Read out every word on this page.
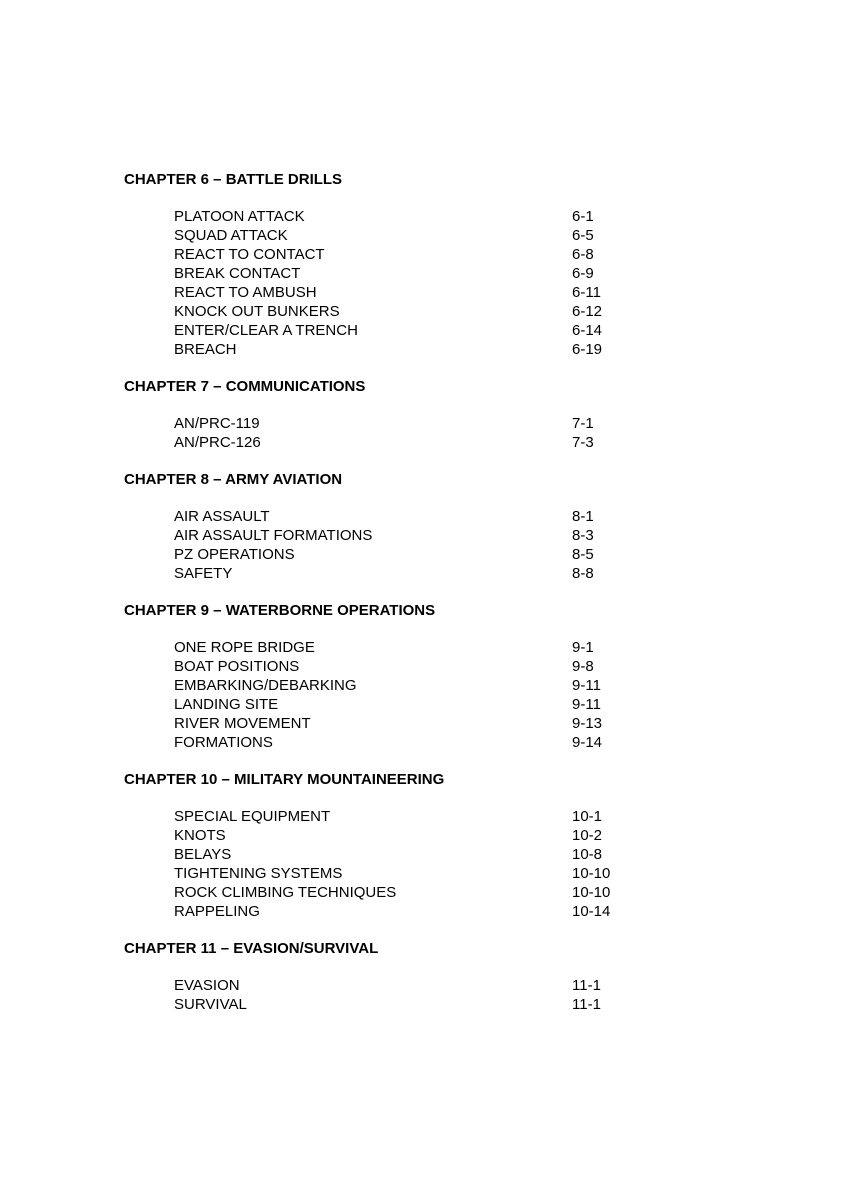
CHAPTER 6 – BATTLE DRILLS
PLATOON ATTACK	6-1
SQUAD ATTACK	6-5
REACT TO CONTACT	6-8
BREAK CONTACT	6-9
REACT TO AMBUSH	6-11
KNOCK OUT BUNKERS	6-12
ENTER/CLEAR A TRENCH	6-14
BREACH	6-19
CHAPTER 7 – COMMUNICATIONS
AN/PRC-119	7-1
AN/PRC-126	7-3
CHAPTER 8 – ARMY AVIATION
AIR ASSAULT	8-1
AIR ASSAULT FORMATIONS	8-3
PZ OPERATIONS	8-5
SAFETY	8-8
CHAPTER 9 – WATERBORNE OPERATIONS
ONE ROPE BRIDGE	9-1
BOAT POSITIONS	9-8
EMBARKING/DEBARKING	9-11
LANDING SITE	9-11
RIVER MOVEMENT	9-13
FORMATIONS	9-14
CHAPTER 10 – MILITARY MOUNTAINEERING
SPECIAL EQUIPMENT	10-1
KNOTS	10-2
BELAYS	10-8
TIGHTENING SYSTEMS	10-10
ROCK CLIMBING TECHNIQUES	10-10
RAPPELING	10-14
CHAPTER 11 – EVASION/SURVIVAL
EVASION	11-1
SURVIVAL	11-1
